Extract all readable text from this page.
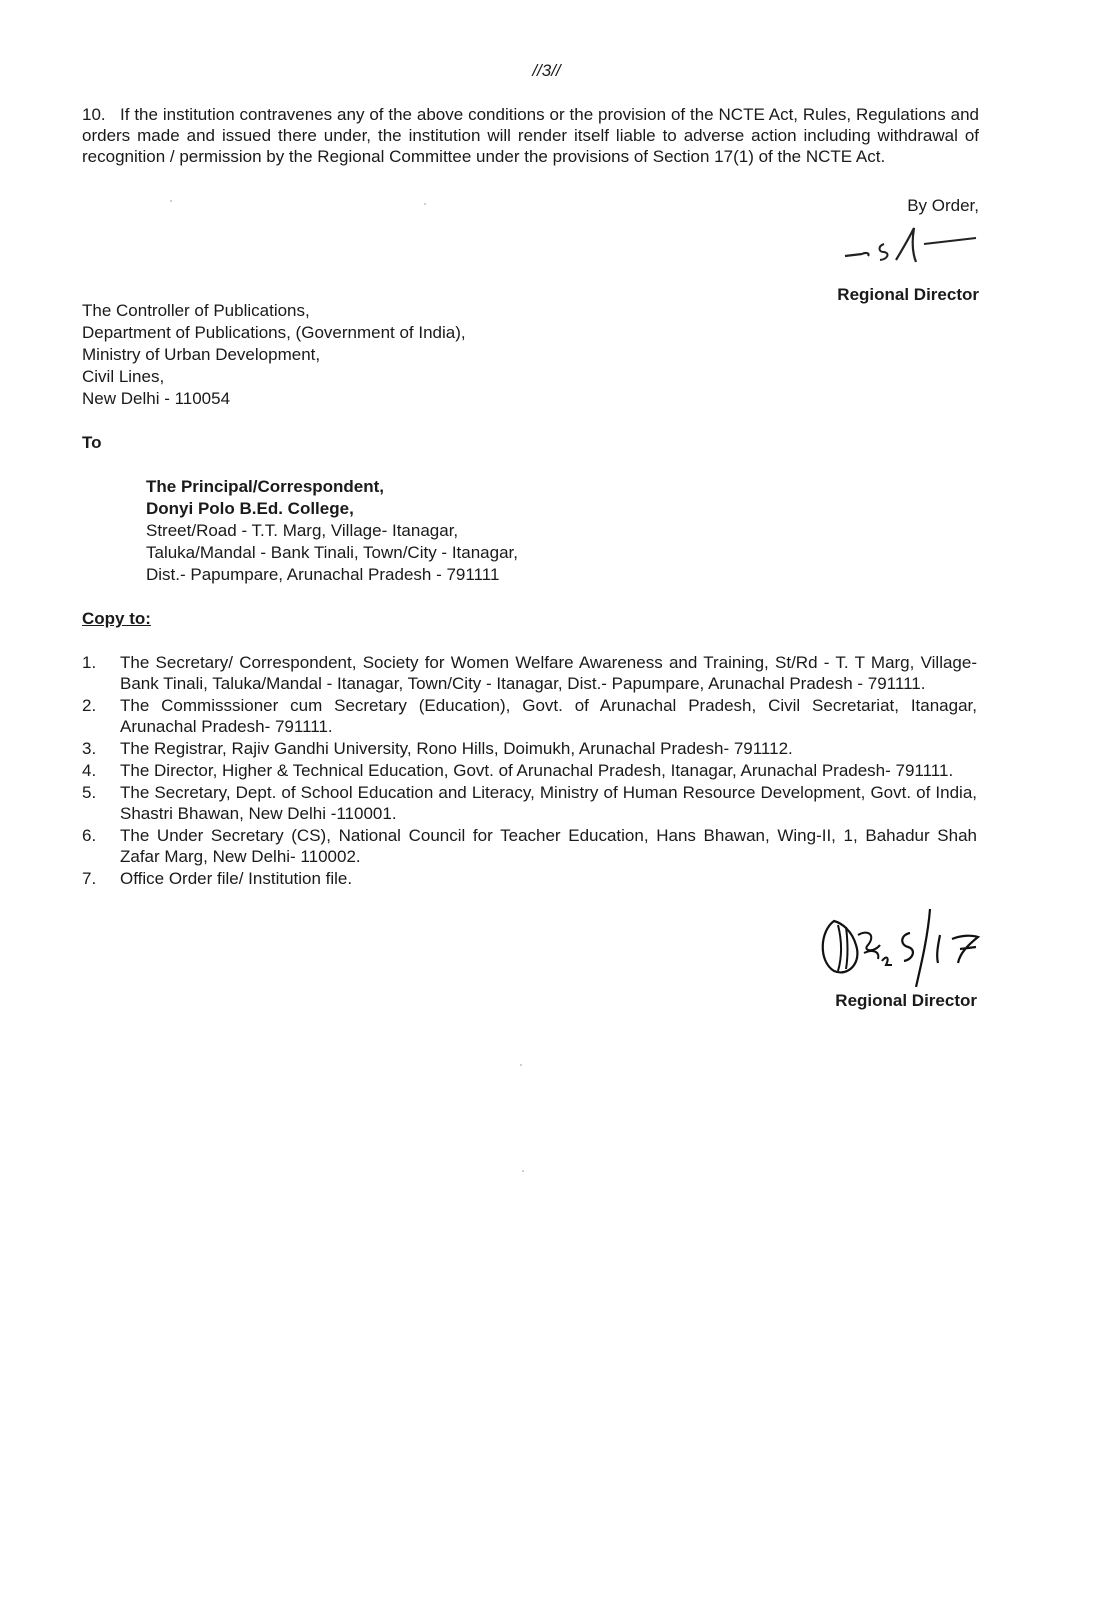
//3//
10. If the institution contravenes any of the above conditions or the provision of the NCTE Act, Rules, Regulations and orders made and issued there under, the institution will render itself liable to adverse action including withdrawal of recognition / permission by the Regional Committee under the provisions of Section 17(1) of the NCTE Act.
By Order,
-sd-
Regional Director
The Controller of Publications,
Department of Publications, (Government of India),
Ministry of Urban Development,
Civil Lines,
New Delhi - 110054
To
The Principal/Correspondent,
Donyi Polo B.Ed. College,
Street/Road - T.T. Marg, Village- Itanagar,
Taluka/Mandal - Bank Tinali, Town/City - Itanagar,
Dist.- Papumpare, Arunachal Pradesh - 791111
Copy to:
1.	The Secretary/ Correspondent, Society for Women Welfare Awareness and Training, St/Rd - T. T Marg, Village- Bank Tinali, Taluka/Mandal - Itanagar, Town/City - Itanagar, Dist.- Papumpare, Arunachal Pradesh - 791111.
2.	The Commisssioner cum Secretary (Education), Govt. of Arunachal Pradesh, Civil Secretariat, Itanagar, Arunachal Pradesh- 791111.
3.	The Registrar, Rajiv Gandhi University, Rono Hills, Doimukh, Arunachal Pradesh- 791112.
4.	The Director, Higher & Technical Education, Govt. of Arunachal Pradesh, Itanagar, Arunachal Pradesh- 791111.
5.	The Secretary, Dept. of School Education and Literacy, Ministry of Human Resource Development, Govt. of India, Shastri Bhawan, New Delhi -110001.
6.	The Under Secretary (CS), National Council for Teacher Education, Hans Bhawan, Wing-II, 1, Bahadur Shah Zafar Marg, New Delhi- 110002.
7.	Office Order file/ Institution file.
2/5/17
Regional Director
